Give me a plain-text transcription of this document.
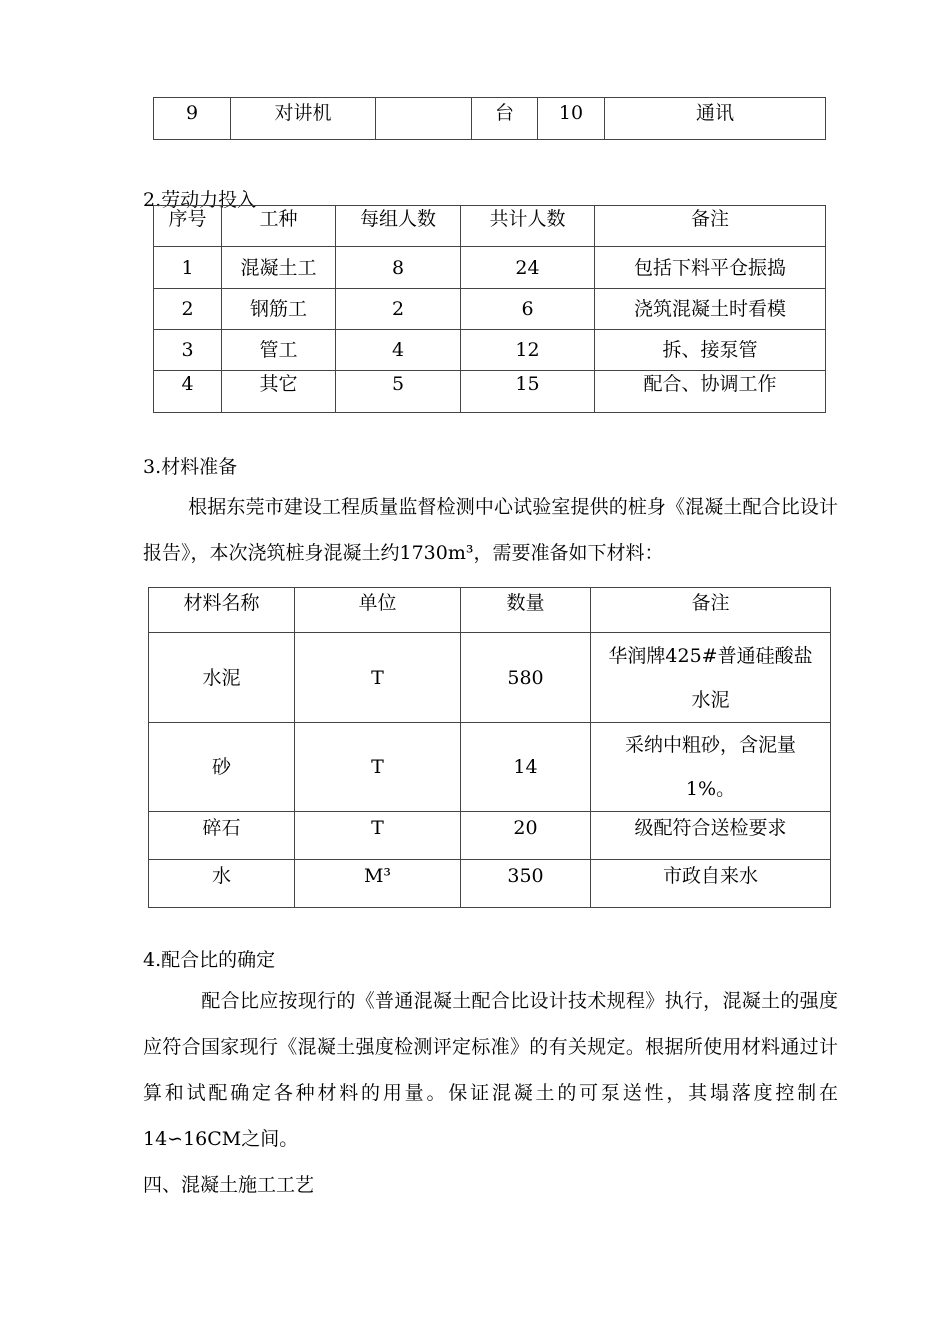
9	对讲机		台	10	通讯
2.劳动力投入
序号	工种	每组人数	共计人数	备注
1	混凝土工	8	24	包括下料平仓振捣
2	钢筋工	2	6	浇筑混凝土时看模
3	管工	4	12	拆、接泵管
4	其它	5	15	配合、协调工作
3.材料准备
根据东莞市建设工程质量监督检测中心试验室提供的桩身《混凝土配合比设计报告》，本次浇筑桩身混凝土约1730m³，需要准备如下材料：
材料名称	单位	数量	备注
水泥	T	580	华润牌425#普通硅酸盐水泥
砂	T	14	采纳中粗砂，含泥量1%。
碎石	T	20	级配符合送检要求
水	M³	350	市政自来水
4.配合比的确定
配合比应按现行的《普通混凝土配合比设计技术规程》执行，混凝土的强度应符合国家现行《混凝土强度检测评定标准》的有关规定。根据所使用材料通过计算和试配确定各种材料的用量。保证混凝土的可泵送性，其塌落度控制在14∽16CM之间。
四、混凝土施工工艺
